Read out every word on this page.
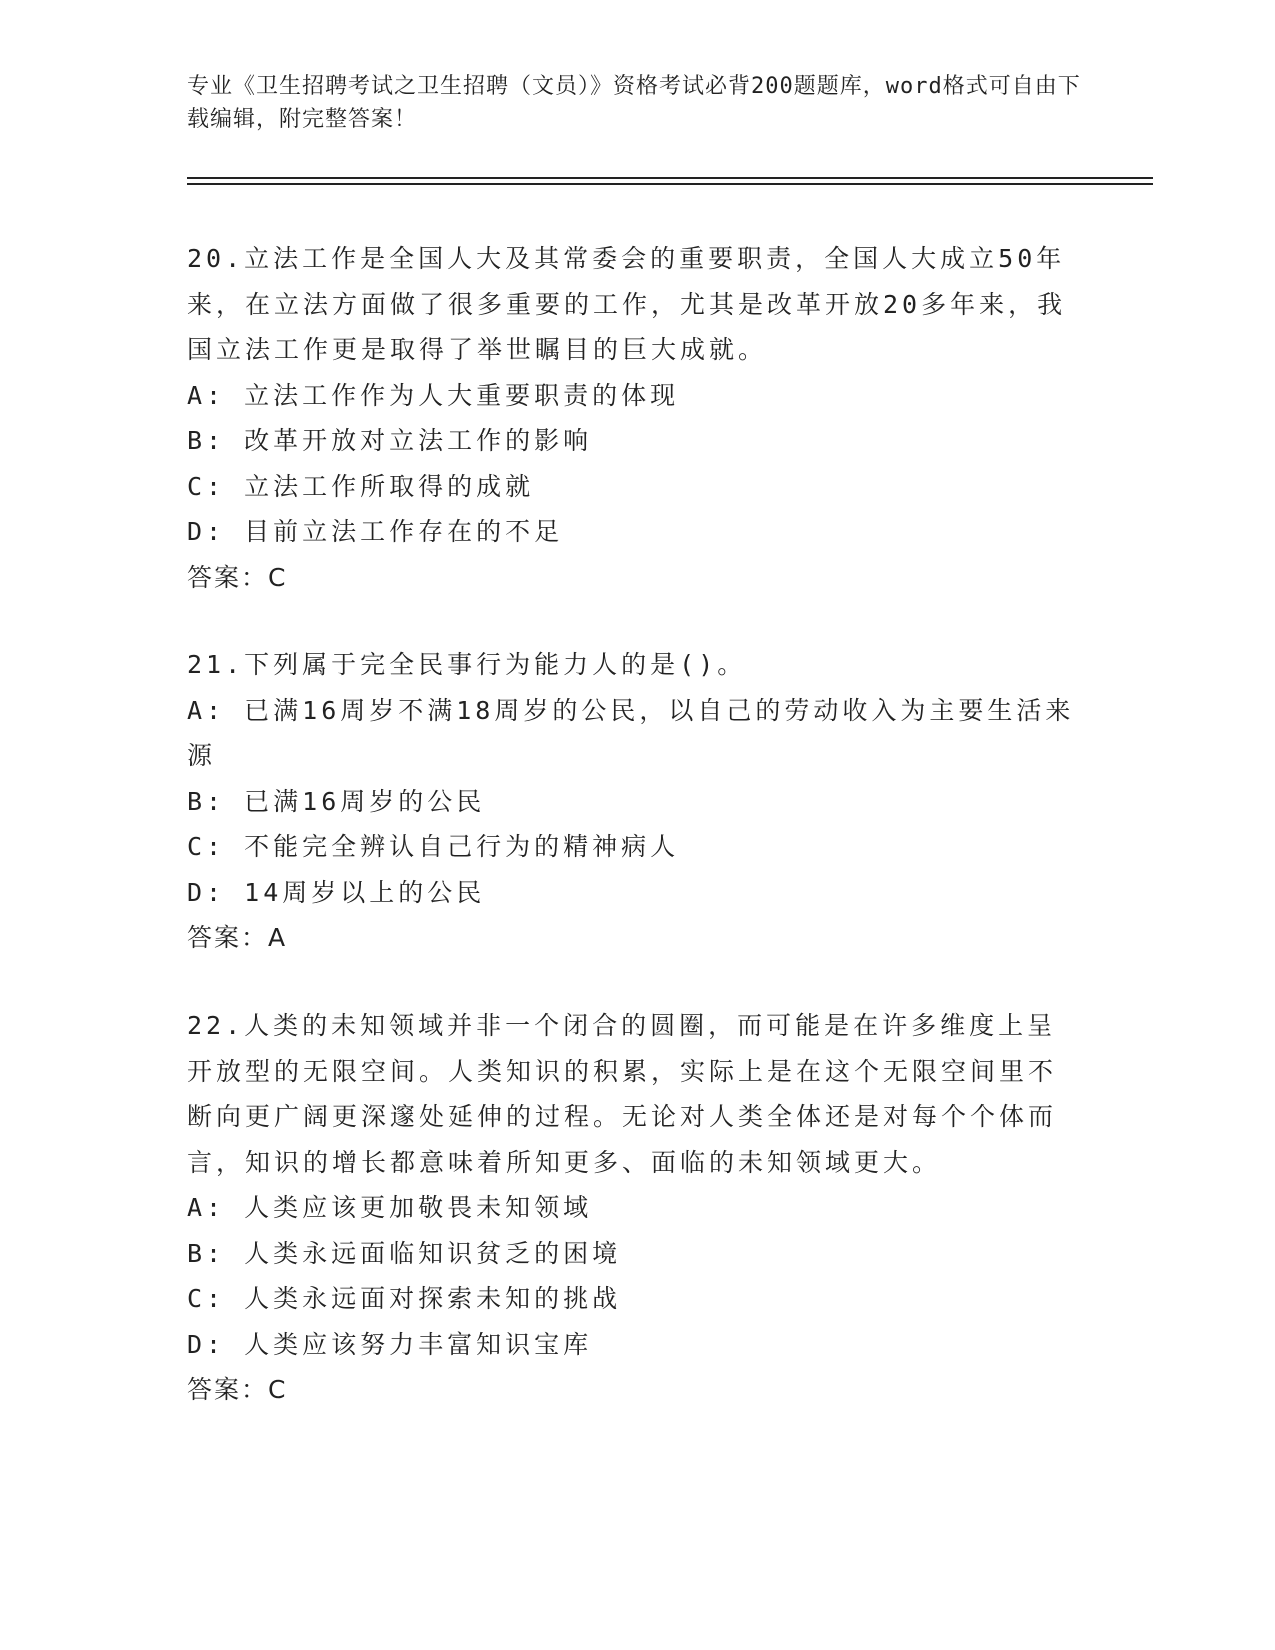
专业《卫生招聘考试之卫生招聘（文员）》资格考试必背200题题库，word格式可自由下载编辑，附完整答案！

20.立法工作是全国人大及其常委会的重要职责，全国人大成立50年来，在立法方面做了很多重要的工作，尤其是改革开放20多年来，我国立法工作更是取得了举世瞩目的巨大成就。

A: 立法工作作为人大重要职责的体现

B: 改革开放对立法工作的影响

C: 立法工作所取得的成就

D: 目前立法工作存在的不足

答案：C

21.下列属于完全民事行为能力人的是()。

A: 已满16周岁不满18周岁的公民，以自己的劳动收入为主要生活来源

B: 已满16周岁的公民

C: 不能完全辨认自己行为的精神病人

D: 14周岁以上的公民

答案：A

22.人类的未知领域并非一个闭合的圆圈，而可能是在许多维度上呈开放型的无限空间。人类知识的积累，实际上是在这个无限空间里不断向更广阔更深邃处延伸的过程。无论对人类全体还是对每个个体而言，知识的增长都意味着所知更多、面临的未知领域更大。

A: 人类应该更加敬畏未知领域

B: 人类永远面临知识贫乏的困境

C: 人类永远面对探索未知的挑战

D: 人类应该努力丰富知识宝库

答案：C
